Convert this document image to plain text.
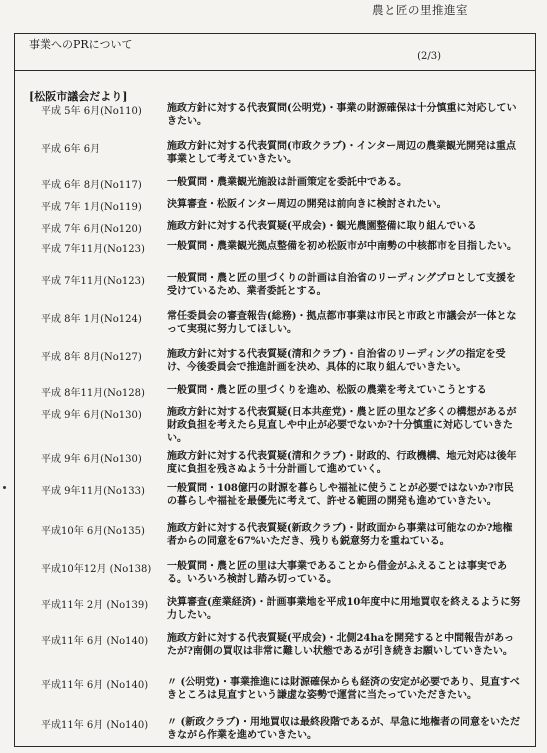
農と匠の里推進室
事業へのPRについて
(2/3)
[松阪市議会だより]
平成 5年 6月(No110)	施政方針に対する代表質問(公明党)・事業の財源確保は十分慎重に対応していきたい。
平成 6年 6月	施政方針に対する代表質問(市政クラブ)・インター周辺の農業観光開発は重点事業として考えていきたい。
平成 6年 8月(No117)	一般質問・農業観光施設は計画策定を委託中である。
平成 7年 1月(No119)	決算審査・松阪インター周辺の開発は前向きに検討されたい。
平成 7年 6月(No120)	施政方針に対する代表質疑(平成会)・観光農園整備に取り組んでいる
平成 7年11月(No123) 一般質問・農業観光拠点整備を初め松阪市が中南勢の中核都市を目指したい。
平成 7年11月(No123) 一般質問・農と匠の里づくりの計画は自治省のリーディングプロとして支援を受けているため、業者委託とする。
平成 8年 1月(No124)	常任委員会の審査報告(総務)・拠点都市事業は市民と市政と市議会が一体となって実現に努力してほしい。
平成 8年 8月(No127)	施政方針に対する代表質疑(清和クラブ)・自治省のリーディングの指定を受け、今後委員会で推進計画を決め、具体的に取り組んでいきたい。
平成 8年11月(No128) 一般質問・農と匠の里づくりを進め、松阪の農業を考えていこうとする
平成 9年 6月(No130)	施政方針に対する代表質疑(日本共産党)・農と匠の里など多くの構想があるが財政負担を考えたら見直しや中止が必要でないか?十分慎重に対応していきたい。
平成 9年 6月(No130)	施政方針に対する代表質疑(清和クラブ)・財政的、行政機構、地元対応は後年度に負担を残さぬよう十分計画して進めていく。
平成 9年11月(No133) 一般質問・108億円の財源を暮らしや福祉に使うことが必要ではないか?市民の暮らしや福祉を最優先に考えて、許せる範囲の開発も進めていきたい。
平成10年 6月(No135) 施政方針に対する代表質疑(新政クラブ)・財政面から事業は可能なのか?地権者からの同意を67%いただき、残りも鋭意努力を重ねている。
平成10年12月 (No138) 一般質問・農と匠の里は大事業であることから借金がふえることは事実である。いろいろ検討し踏み切っている。
平成11年 2月 (No139) 決算審査(産業経済)・計画事業地を平成10年度中に用地買収を終えるように努力したい。
平成11年 6月 (No140) 施政方針に対する代表質疑(平成会)・北側24haを開発すると中間報告があったが?南側の買収は非常に難しい状態であるが引き続きお願いしていきたい。
平成11年 6月 (No140) 〃 (公明党)・事業推進には財源確保からも経済の安定が必要であり、見直すべきところは見直すという謙虚な姿勢で運営に当たっていただきたい。
平成11年 6月 (No140) 〃 (新政クラブ)・用地買収は最終段階であるが、早急に地権者の同意をいただきながら作業を進めていきたい。
